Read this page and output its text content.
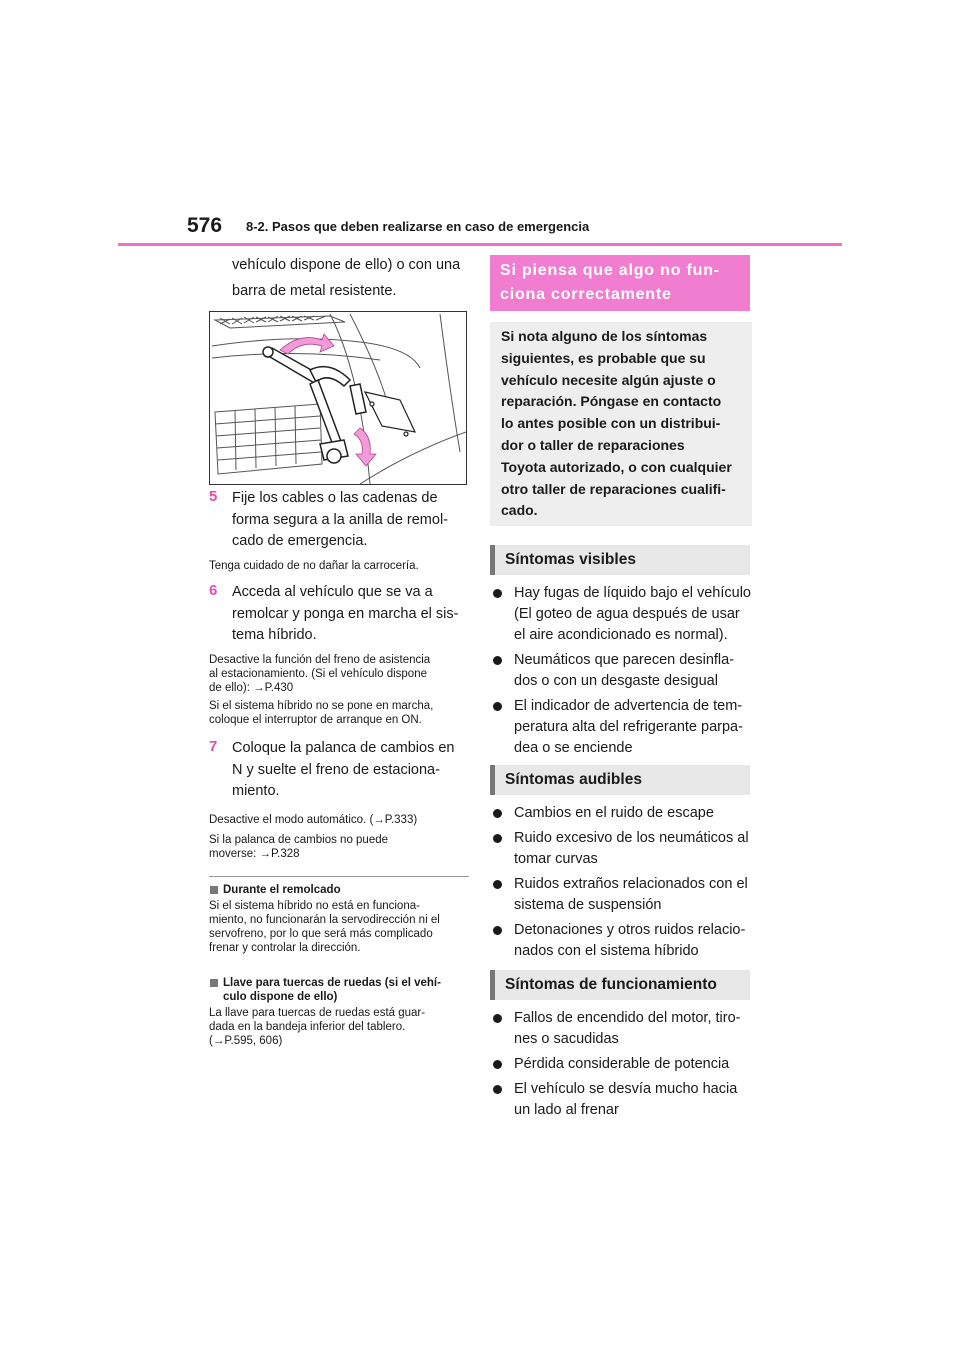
576 8-2. Pasos que deben realizarse en caso de emergencia
vehículo dispone de ello) o con una
barra de metal resistente.
5	Fije los cables o las cadenas de
forma segura a la anilla de remol-
cado de emergencia.
Tenga cuidado de no dañar la carrocería.
6	Acceda al vehículo que se va a
remolcar y ponga en marcha el sis-
tema híbrido.
Desactive la función del freno de asistencia
al estacionamiento. (Si el vehículo dispone
de ello): →P.430
Si el sistema híbrido no se pone en marcha,
coloque el interruptor de arranque en ON.
7	Coloque la palanca de cambios en
N y suelte el freno de estaciona-
miento.
Desactive el modo automático. (→P.333)
Si la palanca de cambios no puede
moverse: →P.328
Durante el remolcado
Si el sistema híbrido no está en funciona-
miento, no funcionarán la servodirección ni el
servofreno, por lo que será más complicado
frenar y controlar la dirección.
Llave para tuercas de ruedas (si el vehí-
culo dispone de ello)
La llave para tuercas de ruedas está guar-
dada en la bandeja inferior del tablero.
(→P.595, 606)
Si piensa que algo no fun-
ciona correctamente
Si nota alguno de los síntomas
siguientes, es probable que su
vehículo necesite algún ajuste o
reparación. Póngase en contacto
lo antes posible con un distribui-
dor o taller de reparaciones
Toyota autorizado, o con cualquier
otro taller de reparaciones cualifi-
cado.
Síntomas visibles
Hay fugas de líquido bajo el vehículo
(El goteo de agua después de usar
el aire acondicionado es normal).
Neumáticos que parecen desinfla-
dos o con un desgaste desigual
El indicador de advertencia de tem-
peratura alta del refrigerante parpa-
dea o se enciende
Síntomas audibles
Cambios en el ruido de escape
Ruido excesivo de los neumáticos al
tomar curvas
Ruidos extraños relacionados con el
sistema de suspensión
Detonaciones y otros ruidos relacio-
nados con el sistema híbrido
Síntomas de funcionamiento
Fallos de encendido del motor, tiro-
nes o sacudidas
Pérdida considerable de potencia
El vehículo se desvía mucho hacia
un lado al frenar
